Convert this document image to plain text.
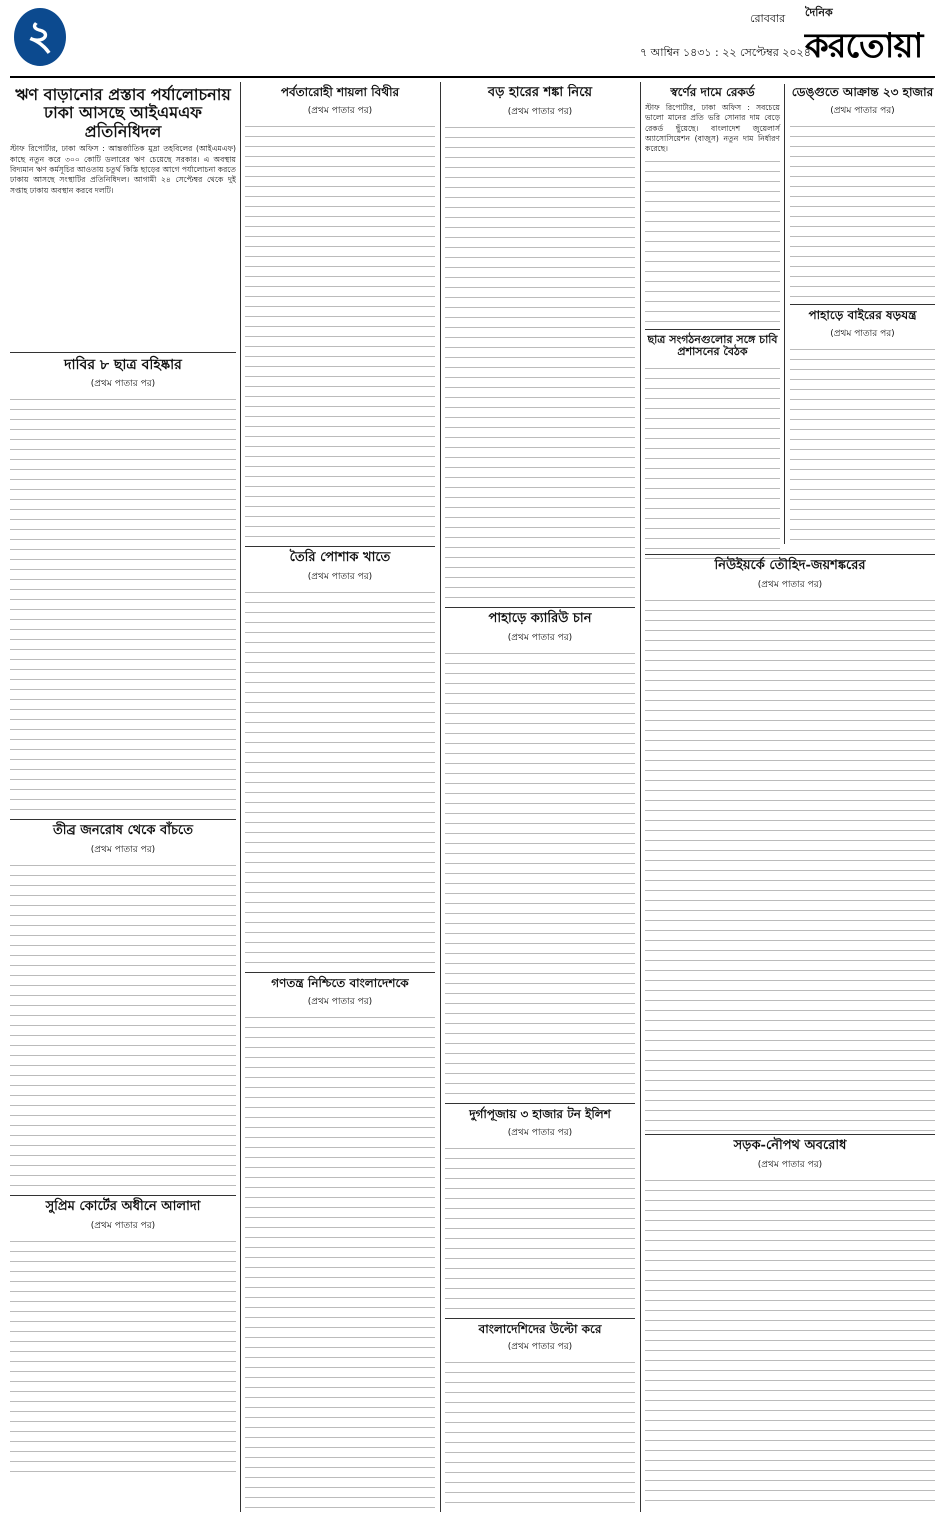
২	রোববার
৭ আশ্বিন ১৪৩১ : ২২ সেপ্টেম্বর ২০২৪
দৈনিক
করতোয়া
ঋণ বাড়ানোর প্রস্তাব পর্যালোচনায় ঢাকা আসছে আইএমএফ প্রতিনিধিদল

স্টাফ রিপোর্টার, ঢাকা অফিস : আন্তর্জাতিক মুদ্রা তহবিলের (আইএমএফ) কাছে নতুন করে ৩০০ কোটি ডলারের ঋণ চেয়েছে সরকার। এ অবস্থায় বিদ্যমান ঋণ কর্মসূচির আওতায় চতুর্থ কিস্তি ছাড়ের আগে পর্যালোচনা করতে ঢাকায় আসছে সংস্থাটির প্রতিনিধিদল। আগামী ২৪ সেপ্টেম্বর থেকে দুই সপ্তাহ ঢাকায় অবস্থান করবে দলটি।

দাবির ৮ ছাত্র বহিষ্কার
(প্রথম পাতার পর)
তীব্র জনরোষ থেকে বাঁচতে
(প্রথম পাতার পর)
সুপ্রিম কোর্টের অধীনে আলাদা
(প্রথম পাতার পর)
পর্বতারোহী শায়লা বিথীর
(প্রথম পাতার পর)
তৈরি পোশাক খাতে
(প্রথম পাতার পর)
গণতন্ত্র নিশ্চিতে বাংলাদেশকে
(প্রথম পাতার পর)
বড় হারের শঙ্কা নিয়ে
(প্রথম পাতার পর)
পাহাড়ে ক্যারিউ চান
(প্রথম পাতার পর)
দুর্গাপূজায় ৩ হাজার টন ইলিশ
(প্রথম পাতার পর)
বাংলাদেশিদের উল্টো করে
(প্রথম পাতার পর)
স্বর্ণের দামে রেকর্ড

স্টাফ রিপোর্টার, ঢাকা অফিস : সবচেয়ে ভালো মানের প্রতি ভরি সোনার দাম বেড়ে রেকর্ড ছুঁয়েছে। বাংলাদেশ জুয়েলার্স অ্যাসোসিয়েশন (বাজুস) নতুন দাম নির্ধারণ করেছে।

ছাত্র সংগঠনগুলোর সঙ্গে চাবি প্রশাসনের বৈঠক
ডেঙ্গুতে আক্রান্ত ২৩ হাজার
(প্রথম পাতার পর)
পাহাড়ে বাইরের ষড়যন্ত্র
(প্রথম পাতার পর)
নিউইয়র্কে তৌহিদ-জয়শঙ্করের
(প্রথম পাতার পর)
সড়ক-নৌপথ অবরোধ
(প্রথম পাতার পর)
